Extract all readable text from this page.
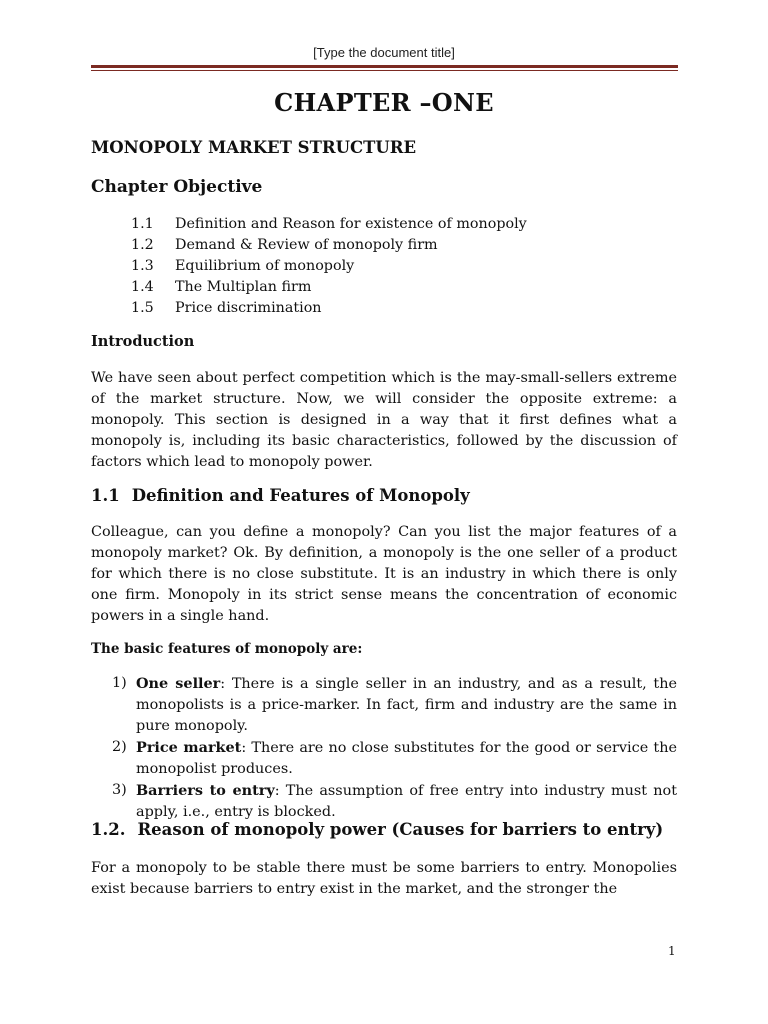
[Type the document title]
CHAPTER –ONE
MONOPOLY MARKET STRUCTURE
Chapter Objective
1.1 Definition and Reason for existence of monopoly
1.2 Demand & Review of monopoly firm
1.3 Equilibrium of monopoly
1.4 The Multiplan firm
1.5 Price discrimination
Introduction

We have seen about perfect competition which is the may-small-sellers extreme of the market structure. Now, we will consider the opposite extreme: a monopoly. This section is designed in a way that it first defines what a monopoly is, including its basic characteristics, followed by the discussion of factors which lead to monopoly power.

1.1 Definition and Features of Monopoly

Colleague, can you define a monopoly? Can you list the major features of a monopoly market? Ok. By definition, a monopoly is the one seller of a product for which there is no close substitute. It is an industry in which there is only one firm. Monopoly in its strict sense means the concentration of economic powers in a single hand.

The basic features of monopoly are:
1) One seller: There is a single seller in an industry, and as a result, the monopolists is a price-marker. In fact, firm and industry are the same in pure monopoly.
2) Price market: There are no close substitutes for the good or service the monopolist produces.
3) Barriers to entry: The assumption of free entry into industry must not apply, i.e., entry is blocked.
1.2. Reason of monopoly power (Causes for barriers to entry)

For a monopoly to be stable there must be some barriers to entry. Monopolies exist because barriers to entry exist in the market, and the stronger the

1
